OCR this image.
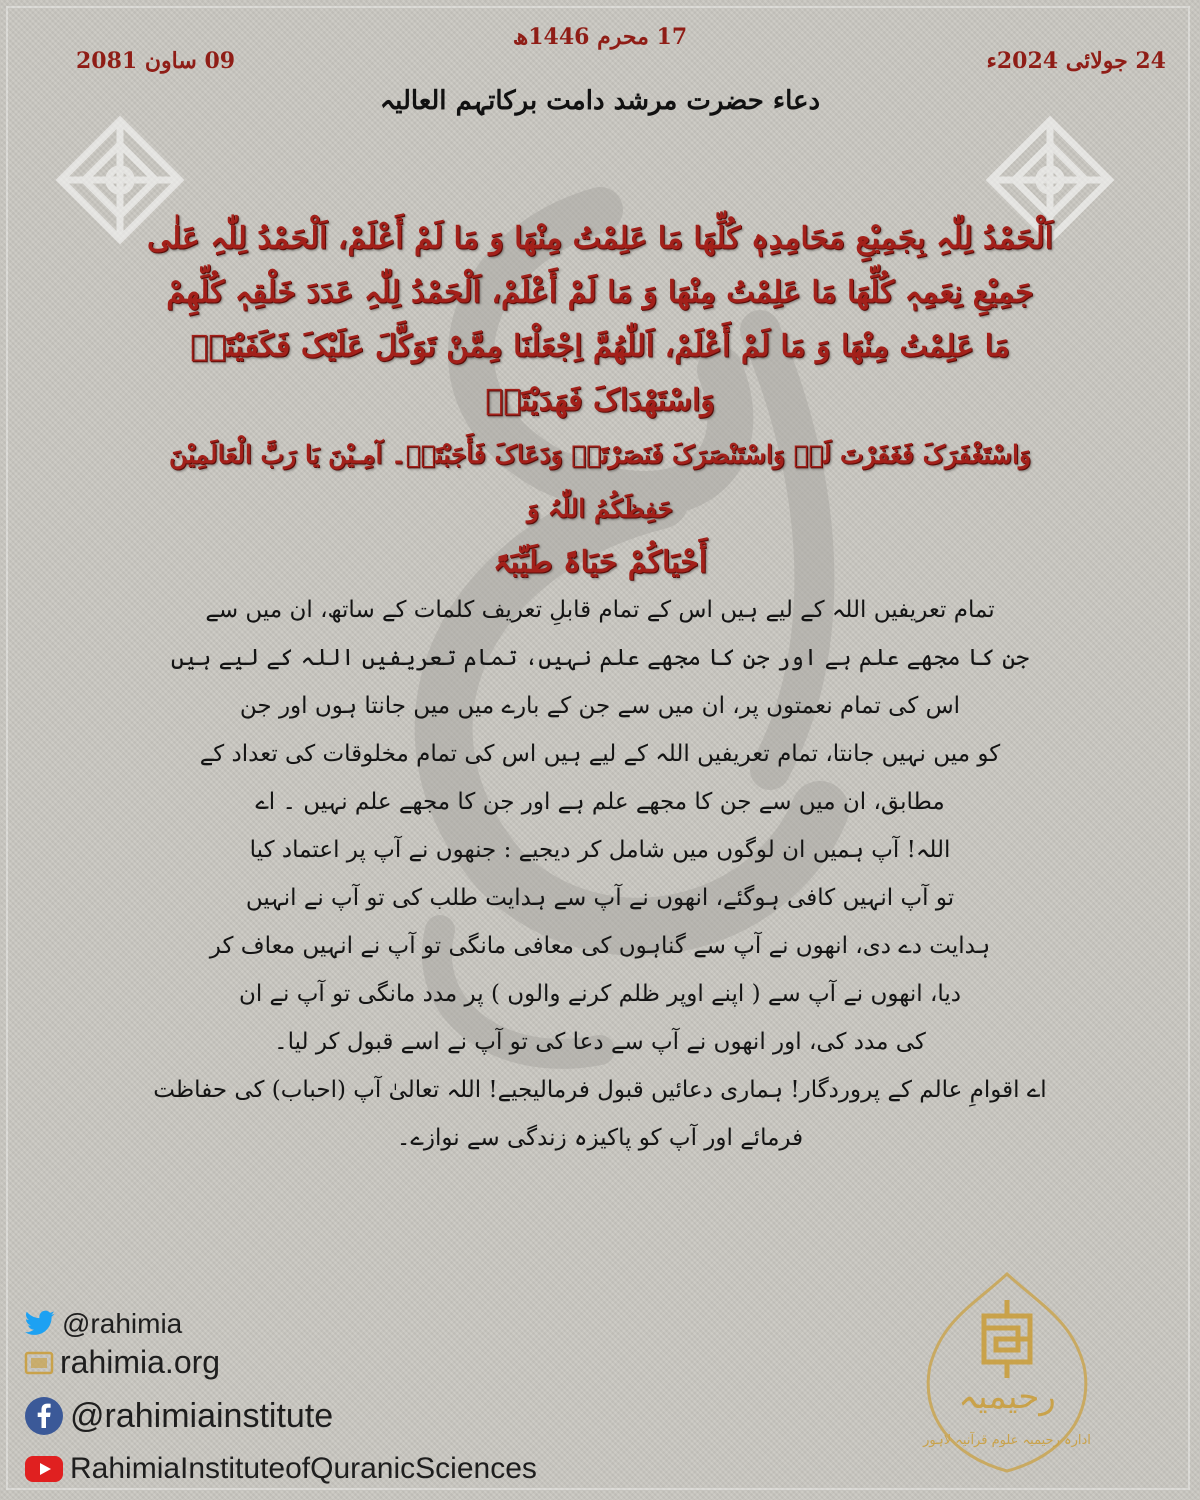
17 محرم 1446ھ
24 جولائی 2024ء
09 ساون 2081
دعاء حضرت مرشد دامت برکاتہم العالیہ
اَلْحَمْدُ لِلّٰہِ بِجَمِیْعِ مَحَامِدِہٖ کُلِّھَا مَا عَلِمْتُ مِنْھَا وَ مَا لَمْ أَعْلَمْ، اَلْحَمْدُ لِلّٰہِ عَلٰی
جَمِیْعِ نِعَمِہٖ کُلِّھَا مَا عَلِمْتُ مِنْھَا وَ مَا لَمْ أَعْلَمْ، اَلْحَمْدُ لِلّٰہِ عَدَدَ خَلْقِہٖ کُلِّھِمْ
مَا عَلِمْتُ مِنْھَا وَ مَا لَمْ أَعْلَمْ، اَللّٰھُمَّ اِجْعَلْنَا مِمَّنْ تَوَکَّلَ عَلَیْکَ فَکَفَیْتَہٗ وَاسْتَھْدَاکَ فَھَدَیْتَہٗ
وَاسْتَغْفَرَکَ فَغَفَرْتَ لَہٗ وَاسْتَنْصَرَکَ فَنَصَرْتَہٗ وَدَعَاکَ فَأَجَبْتَہٗ۔ آمِـیْنَ یَا رَبَّ الْعَالَمِیْنَ حَفِظَکُمُ اللّٰہُ وَ
أَحْیَاکُمْ ‌حَیَاۃً طَیِّبَۃً
تمام تعریفیں اللہ کے لیے ہیں اس کے تمام قابلِ تعریف کلمات کے ساتھ، ان میں سے
جن کا مجھے علم ہے اور جن کا مجھے علم نہیں، تمام تعریفیں اللہ کے لیے ہیں
اس کی تمام نعمتوں پر، ان میں سے جن کے بارے میں میں جانتا ہوں اور جن
کو میں نہیں جانتا، تمام تعریفیں اللہ کے لیے ہیں اس کی تمام مخلوقات کی تعداد کے
مطابق، ان میں سے جن کا مجھے علم ہے اور جن کا مجھے علم نہیں ۔ اے
اللہ! آپ ہمیں ان لوگوں میں شامل کر دیجیے : جنھوں نے آپ پر اعتماد کیا
تو آپ انہیں کافی ہوگئے، انھوں نے آپ سے ہدایت طلب کی تو آپ نے انہیں
ہدایت دے دی، انھوں نے آپ سے گناہوں کی معافی مانگی تو آپ نے انہیں معاف کر
دیا، انھوں نے آپ سے ( اپنے اوپر ظلم کرنے والوں ) پر مدد مانگی تو آپ نے ان
کی مدد کی، اور انھوں نے آپ سے دعا کی تو آپ نے اسے قبول کر لیا۔
اے اقوامِ عالم کے پروردگار! ہماری دعائیں قبول فرمالیجیے! اللہ تعالیٰ آپ (احباب) کی حفاظت
فرمائے اور آپ کو پاکیزہ زندگی سے نوازے۔
@rahimia
rahimia.org
@rahimiainstitute
RahimiaInstituteofQuranicSciences
رحیمیہ
ادارہ رحیمیہ علوم قرآنیہ لاہور
